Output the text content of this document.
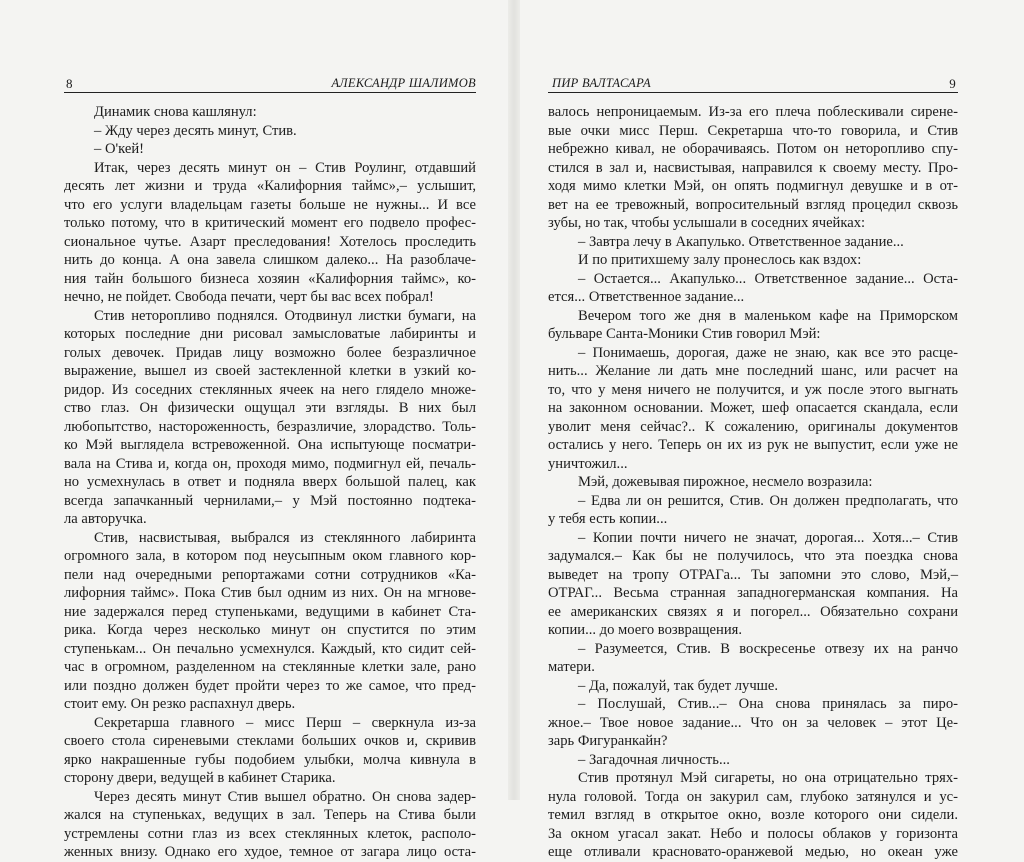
8	АЛЕКСАНДР ШАЛИМОВ
Динамик снова кашлянул:
– Жду через десять минут, Стив.
– О'кей!
Итак, через десять минут он – Стив Роулинг, отдавший
десять лет жизни и труда «Калифорния таймс»,– услышит,
что его услуги владельцам газеты больше не нужны... И все
только потому, что в критический момент его подвело профес-
сиональное чутье. Азарт преследования! Хотелось проследить
нить до конца. А она завела слишком далеко... На разоблаче-
ния тайн большого бизнеса хозяин «Калифорния таймс», ко-
нечно, не пойдет. Свобода печати, черт бы вас всех побрал!
Стив неторопливо поднялся. Отодвинул листки бумаги, на
которых последние дни рисовал замысловатые лабиринты и
голых девочек. Придав лицу возможно более безразличное
выражение, вышел из своей застекленной клетки в узкий ко-
ридор. Из соседних стеклянных ячеек на него глядело множе-
ство глаз. Он физически ощущал эти взгляды. В них был
любопытство, настороженность, безразличие, злорадство. Толь-
ко Мэй выглядела встревоженной. Она испытующе посматри-
вала на Стива и, когда он, проходя мимо, подмигнул ей, печаль-
но усмехнулась в ответ и подняла вверх большой палец, как
всегда запачканный чернилами,– у Мэй постоянно подтека-
ла авторучка.
Стив, насвистывая, выбрался из стеклянного лабиринта
огромного зала, в котором под неусыпным оком главного кор-
пели над очередными репортажами сотни сотрудников «Ка-
лифорния таймс». Пока Стив был одним из них. Он на мгнове-
ние задержался перед ступеньками, ведущими в кабинет Ста-
рика. Когда через несколько минут он спустится по этим
ступенькам... Он печально усмехнулся. Каждый, кто сидит сей-
час в огромном, разделенном на стеклянные клетки зале, рано
или поздно должен будет пройти через то же самое, что пред-
стоит ему. Он резко распахнул дверь.
Секретарша главного – мисс Перш – сверкнула из-за
своего стола сиреневыми стеклами больших очков и, скривив
ярко накрашенные губы подобием улыбки, молча кивнула в
сторону двери, ведущей в кабинет Старика.
Через десять минут Стив вышел обратно. Он снова задер-
жался на ступеньках, ведущих в зал. Теперь на Стива были
устремлены сотни глаз из всех стеклянных клеток, располо-
женных внизу. Однако его худое, темное от загара лицо оста-
ПИР ВАЛТАСАРА	9
валось непроницаемым. Из-за его плеча поблескивали сирене-
вые очки мисс Перш. Секретарша что-то говорила, и Стив
небрежно кивал, не оборачиваясь. Потом он неторопливо спу-
стился в зал и, насвистывая, направился к своему месту. Про-
ходя мимо клетки Мэй, он опять подмигнул девушке и в от-
вет на ее тревожный, вопросительный взгляд процедил сквозь
зубы, но так, чтобы услышали в соседних ячейках:
– Завтра лечу в Акапулько. Ответственное задание...
И по притихшему залу пронеслось как вздох:
– Остается... Акапулько... Ответственное задание... Оста-
ется... Ответственное задание...
Вечером того же дня в маленьком кафе на Приморском
бульваре Санта-Моники Стив говорил Мэй:
– Понимаешь, дорогая, даже не знаю, как все это расце-
нить... Желание ли дать мне последний шанс, или расчет на
то, что у меня ничего не получится, и уж после этого выгнать
на законном основании. Может, шеф опасается скандала, если
уволит меня сейчас?.. К сожалению, оригиналы документов
остались у него. Теперь он их из рук не выпустит, если уже не
уничтожил...
Мэй, дожевывая пирожное, несмело возразила:
– Едва ли он решится, Стив. Он должен предполагать, что
у тебя есть копии...
– Копии почти ничего не значат, дорогая... Хотя...– Стив
задумался.– Как бы не получилось, что эта поездка снова
выведет на тропу ОТРАГа... Ты запомни это слово, Мэй,–
ОТРАГ... Весьма странная западногерманская компания. На
ее американских связях я и погорел... Обязательно сохрани
копии... до моего возвращения.
– Разумеется, Стив. В воскресенье отвезу их на ранчо
матери.
– Да, пожалуй, так будет лучше.
– Послушай, Стив...– Она снова принялась за пиро-
жное.– Твое новое задание... Что он за человек – этот Це-
зарь Фигуранкайн?
– Загадочная личность...
Стив протянул Мэй сигареты, но она отрицательно трях-
нула головой. Тогда он закурил сам, глубоко затянулся и ус-
темил взгляд в открытое окно, возле которого они сидели.
За окном угасал закат. Небо и полосы облаков у горизонта
еще отливали красновато-оранжевой медью, но океан уже
